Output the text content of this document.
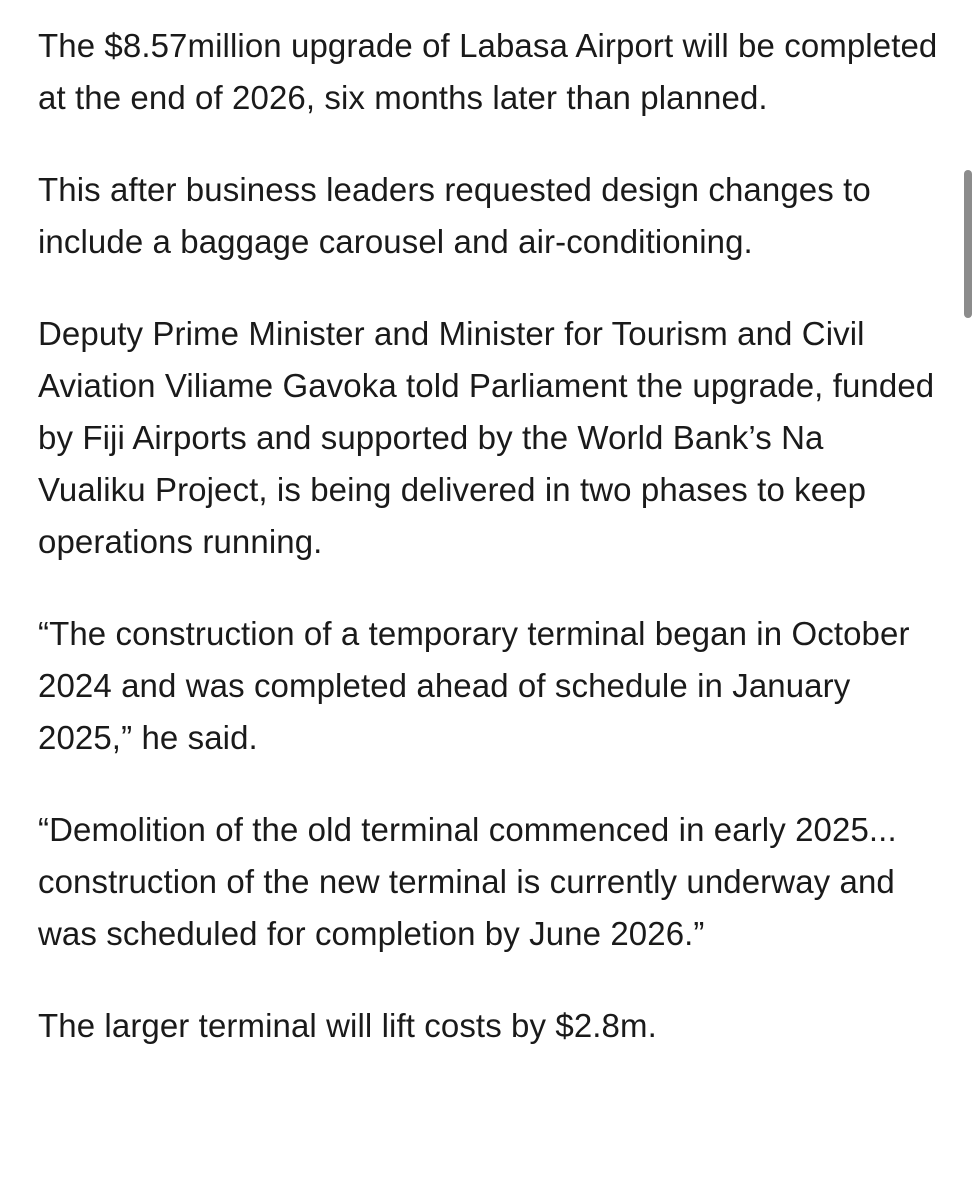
The $8.57million upgrade of Labasa Airport will be completed at the end of 2026, six months later than planned.

This after business leaders requested design changes to include a baggage carousel and air-conditioning.

Deputy Prime Minister and Minister for Tourism and Civil Aviation Viliame Gavoka told Parliament the upgrade, funded by Fiji Airports and supported by the World Bank’s Na Vualiku Project, is being delivered in two phases to keep operations running.

“The construction of a temporary terminal began in October 2024 and was completed ahead of schedule in January 2025,” he said.

“Demolition of the old terminal commenced in early 2025... construction of the new terminal is currently underway and was scheduled for completion by June 2026.”

The larger terminal will lift costs by $2.8m.
